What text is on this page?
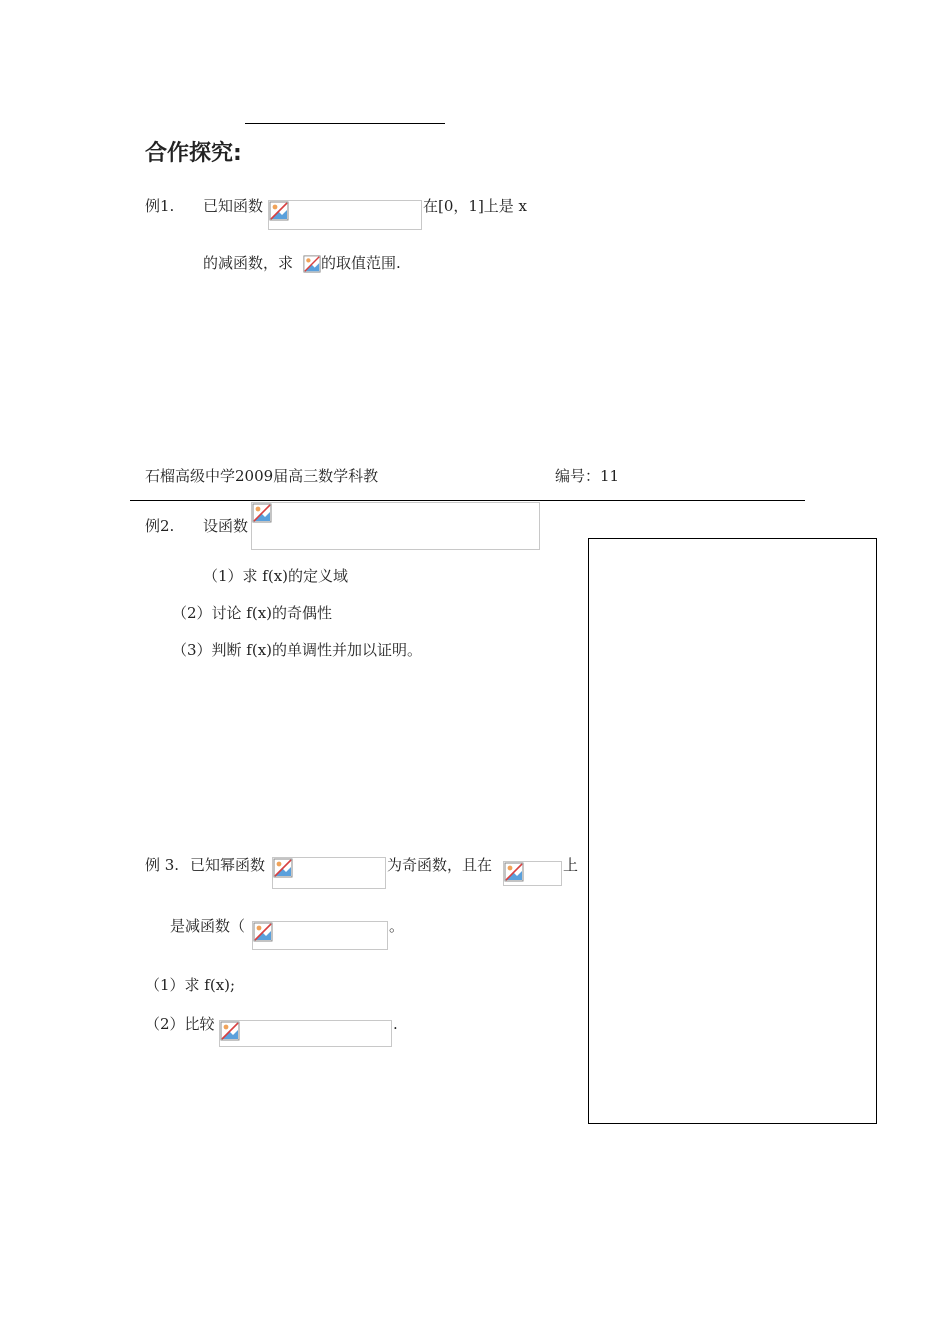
合作探究:
例1. 已知函数	在[0，1]上是 x
的减函数，求 的取值范围.
石榴高级中学2009届高三数学科教	编号：11
例2. 设函数
（1）求 f(x)的定义域
（2）讨论 f(x)的奇偶性
（3）判断 f(x)的单调性并加以证明。
例 3. 已知幂函数	为奇函数，且在	上
是减函数（	。
（1）求 f(x);
（2）比较	.
